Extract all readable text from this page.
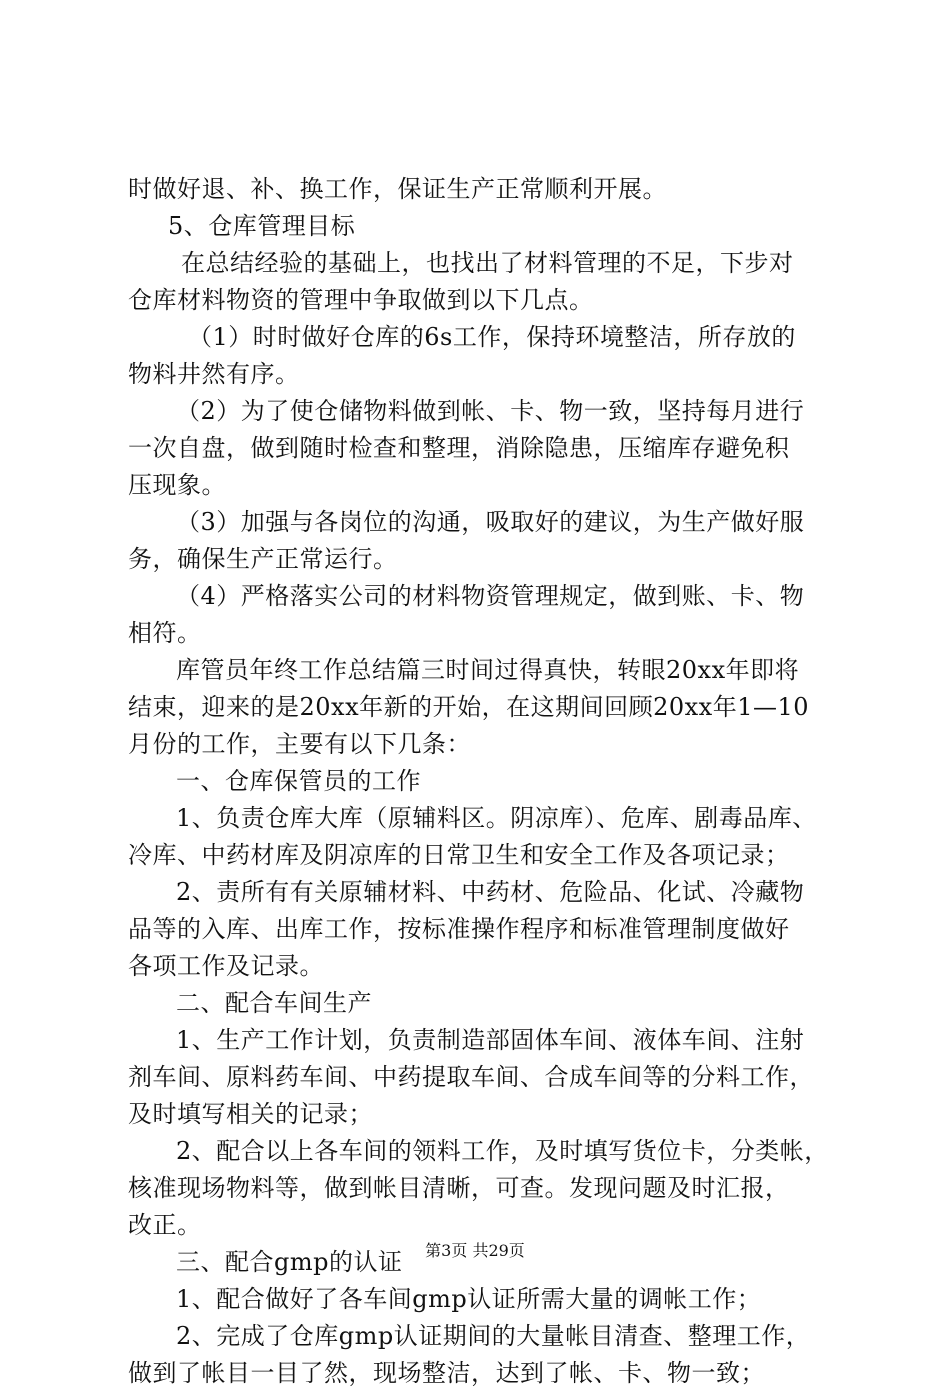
时做好退、补、换工作，保证生产正常顺利开展。
5、仓库管理目标
在总结经验的基础上，也找出了材料管理的不足，下步对
仓库材料物资的管理中争取做到以下几点。
（1）时时做好仓库的6s工作，保持环境整洁，所存放的
物料井然有序。
（2）为了使仓储物料做到帐、卡、物一致，坚持每月进行
一次自盘，做到随时检查和整理，消除隐患，压缩库存避免积
压现象。
（3）加强与各岗位的沟通，吸取好的建议，为生产做好服
务，确保生产正常运行。
（4）严格落实公司的材料物资管理规定，做到账、卡、物
相符。
库管员年终工作总结篇三时间过得真快，转眼20xx年即将
结束，迎来的是20xx年新的开始，在这期间回顾20xx年1—10
月份的工作，主要有以下几条：
一、仓库保管员的工作
1、负责仓库大库（原辅料区。阴凉库）、危库、剧毒品库、
冷库、中药材库及阴凉库的日常卫生和安全工作及各项记录；
2、责所有有关原辅材料、中药材、危险品、化试、冷藏物
品等的入库、出库工作，按标准操作程序和标准管理制度做好
各项工作及记录。
二、配合车间生产
1、生产工作计划，负责制造部固体车间、液体车间、注射
剂车间、原料药车间、中药提取车间、合成车间等的分料工作，
及时填写相关的记录；
2、配合以上各车间的领料工作，及时填写货位卡，分类帐，
核准现场物料等，做到帐目清晰，可查。发现问题及时汇报，
改正。
三、配合gmp的认证
1、配合做好了各车间gmp认证所需大量的调帐工作；
2、完成了仓库gmp认证期间的大量帐目清查、整理工作，
做到了帐目一目了然，现场整洁，达到了帐、卡、物一致；
第3页 共29页
